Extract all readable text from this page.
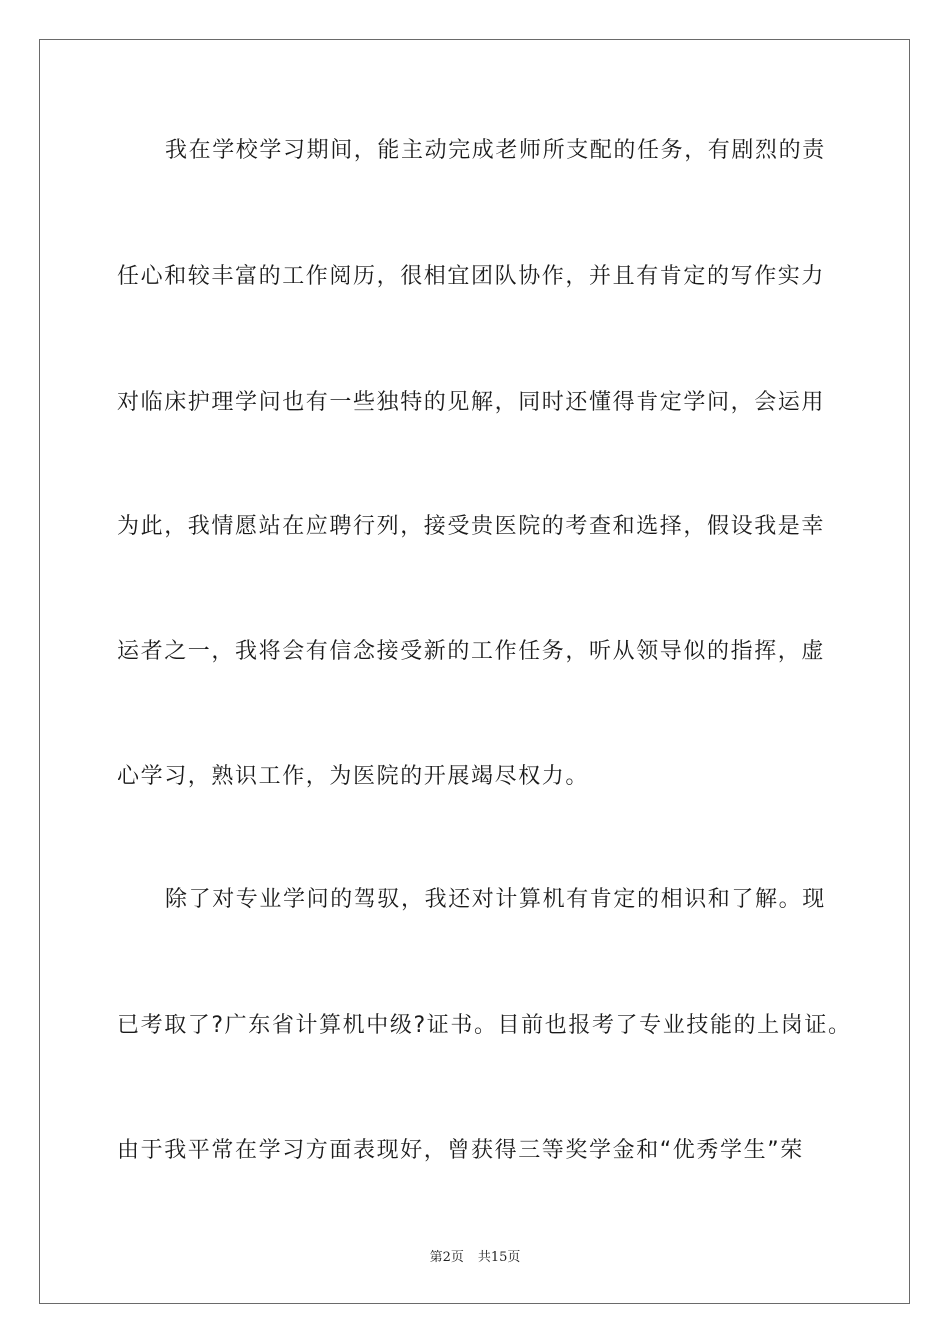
我在学校学习期间，能主动完成老师所支配的任务，有剧烈的责
任心和较丰富的工作阅历，很相宜团队协作，并且有肯定的写作实力
对临床护理学问也有一些独特的见解，同时还懂得肯定学问，会运用
为此，我情愿站在应聘行列，接受贵医院的考查和选择，假设我是幸
运者之一，我将会有信念接受新的工作任务，听从领导似的指挥，虚
心学习，熟识工作，为医院的开展竭尽权力。
除了对专业学问的驾驭，我还对计算机有肯定的相识和了解。现
已考取了?广东省计算机中级?证书。目前也报考了专业技能的上岗证。
由于我平常在学习方面表现好，曾获得三等奖学金和“优秀学生”荣
第2页 共15页
